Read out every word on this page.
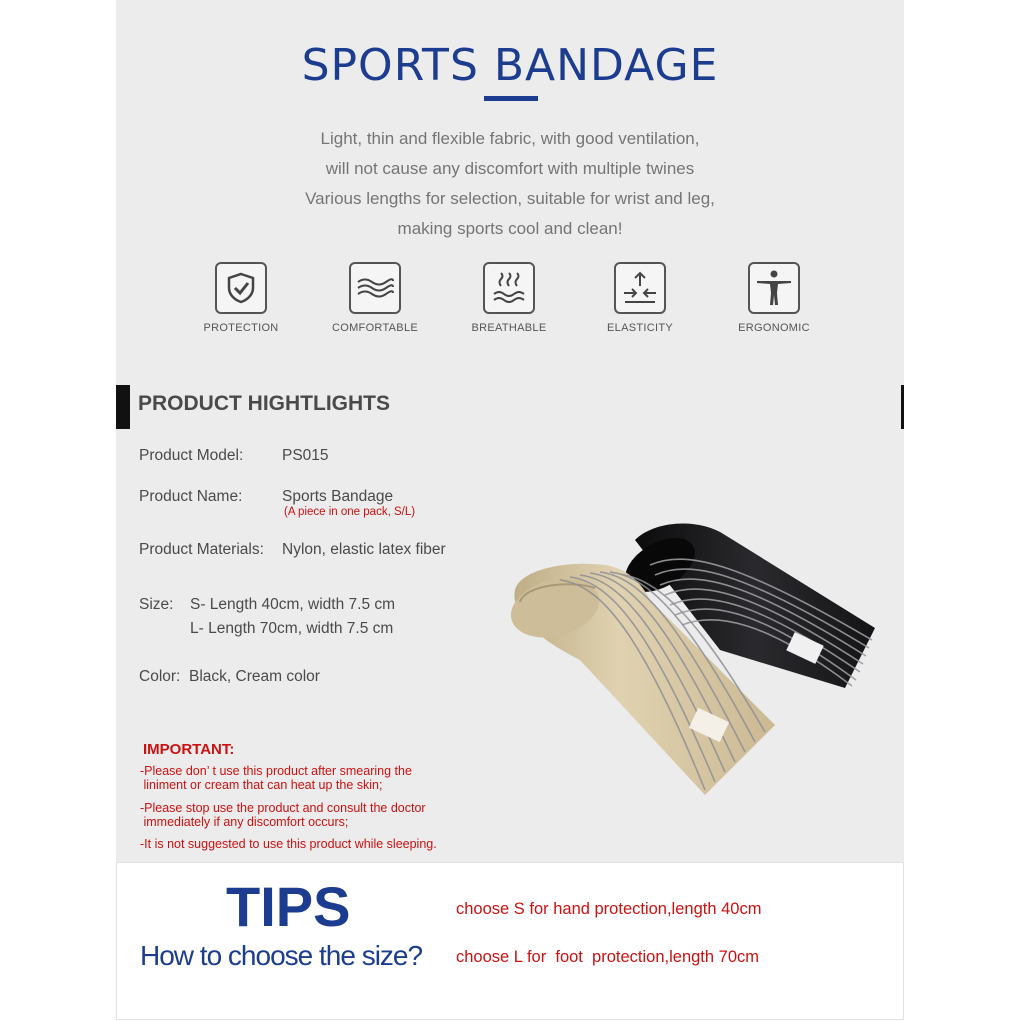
SPORTS BANDAGE
Light, thin and flexible fabric, with good ventilation,
will not cause any discomfort with multiple twines
Various lengths for selection, suitable for wrist and leg,
making sports cool and clean!
PROTECTION	COMFORTABLE	BREATHABLE	ELASTICITY	ERGONOMIC
PRODUCT HIGHTLIGHTS
Product Model:	PS015
Product Name:	Sports Bandage
(A piece in one pack, S/L)
Product Materials: Nylon, elastic latex fiber
Size: S- Length 40cm, width 7.5 cm
L- Length 70cm, width 7.5 cm
Color: Black, Cream color
IMPORTANT:
-Please don’ t use this product after smearing the
liniment or cream that can heat up the skin;
-Please stop use the product and consult the doctor
immediately if any discomfort occurs;
-It is not suggested to use this product while sleeping.
TIPS
How to choose the size?
choose S for hand protection,length 40cm
choose L for  foot  protection,length 70cm
